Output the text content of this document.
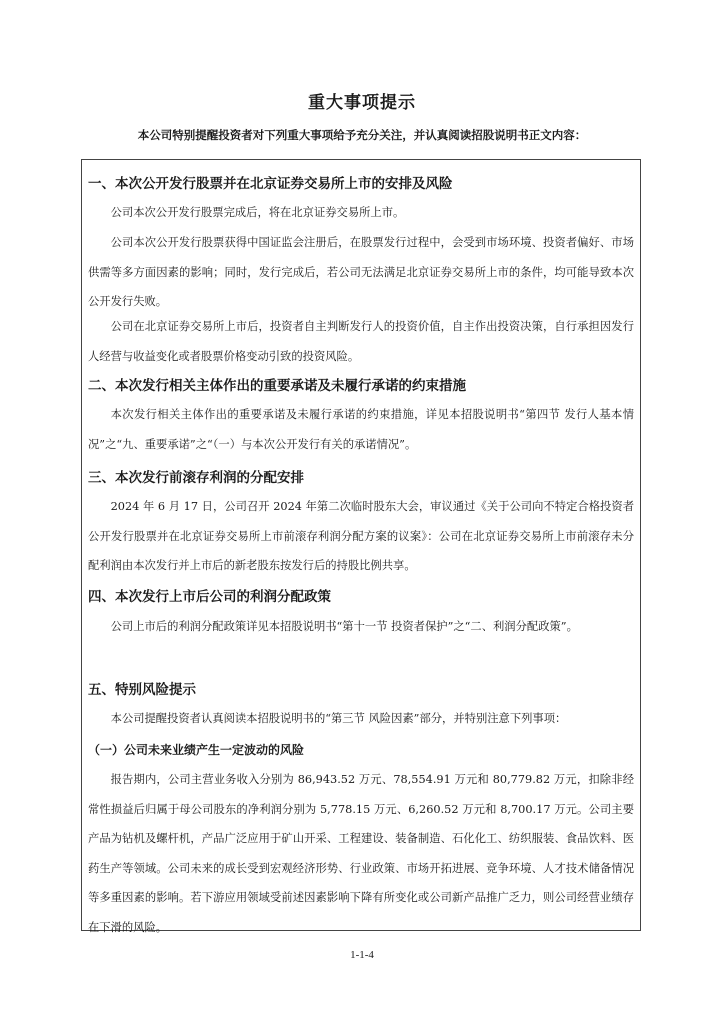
重大事项提示
本公司特别提醒投资者对下列重大事项给予充分关注，并认真阅读招股说明书正文内容：
一、本次公开发行股票并在北京证券交易所上市的安排及风险

公司本次公开发行股票完成后，将在北京证券交易所上市。

公司本次公开发行股票获得中国证监会注册后，在股票发行过程中，会受到市场环境、投资者偏好、市场供需等多方面因素的影响；同时，发行完成后，若公司无法满足北京证券交易所上市的条件，均可能导致本次公开发行失败。

公司在北京证券交易所上市后，投资者自主判断发行人的投资价值，自主作出投资决策，自行承担因发行人经营与收益变化或者股票价格变动引致的投资风险。

二、本次发行相关主体作出的重要承诺及未履行承诺的约束措施

本次发行相关主体作出的重要承诺及未履行承诺的约束措施，详见本招股说明书“第四节 发行人基本情况”之“九、重要承诺”之“（一）与本次公开发行有关的承诺情况”。

三、本次发行前滚存利润的分配安排

2024 年 6 月 17 日，公司召开 2024 年第二次临时股东大会，审议通过《关于公司向不特定合格投资者公开发行股票并在北京证券交易所上市前滚存利润分配方案的议案》：公司在北京证券交易所上市前滚存未分配利润由本次发行并上市后的新老股东按发行后的持股比例共享。

四、本次发行上市后公司的利润分配政策

公司上市后的利润分配政策详见本招股说明书“第十一节 投资者保护”之“二、利润分配政策”。

五、特别风险提示

本公司提醒投资者认真阅读本招股说明书的“第三节 风险因素”部分，并特别注意下列事项：

（一）公司未来业绩产生一定波动的风险

报告期内，公司主营业务收入分别为 86,943.52 万元、78,554.91 万元和 80,779.82 万元，扣除非经常性损益后归属于母公司股东的净利润分别为 5,778.15 万元、6,260.52 万元和 8,700.17 万元。公司主要产品为钻机及螺杆机，产品广泛应用于矿山开采、工程建设、装备制造、石化化工、纺织服装、食品饮料、医药生产等领域。公司未来的成长受到宏观经济形势、行业政策、市场开拓进展、竞争环境、人才技术储备情况等多重因素的影响。若下游应用领域受前述因素影响下降有所变化或公司新产品推广乏力，则公司经营业绩存在下滑的风险。

1-1-4
